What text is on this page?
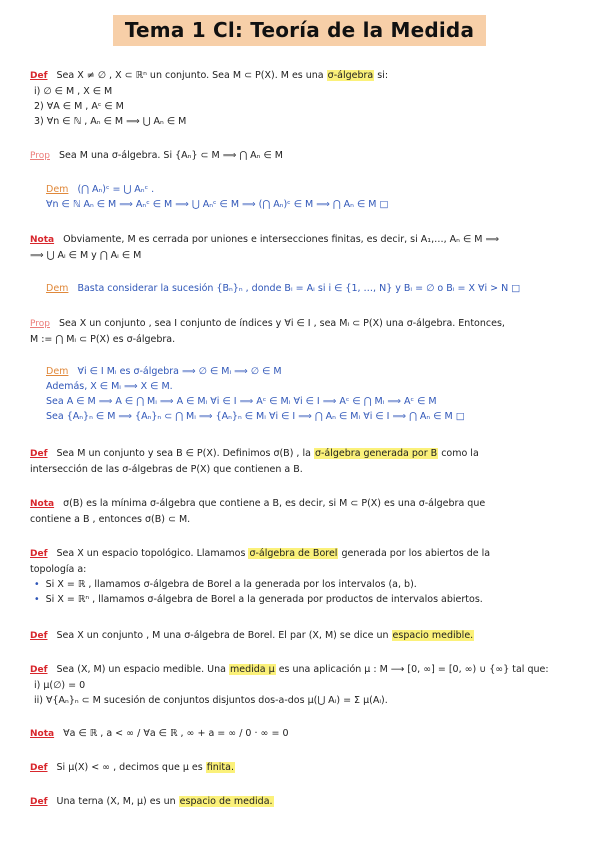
Tema 1 Cl: Teoría de la Medida
Def Sea X ≠ ∅ , X ⊂ ℝⁿ un conjunto. Sea M ⊂ P(X). M es una σ-álgebra si:
i) ∅ ∈ M , X ∈ M
2) ∀A ∈ M , Aᶜ ∈ M
3) ∀n ∈ ℕ , Aₙ ∈ M ⟹ ⋃ Aₙ ∈ M
Prop Sea M una σ-álgebra. Si {Aₙ} ⊂ M ⟹ ⋂ Aₙ ∈ M
Dem (⋂ Aₙ)ᶜ = ⋃ Aₙᶜ .
∀n ∈ ℕ Aₙ ∈ M ⟹ Aₙᶜ ∈ M ⟹ ⋃ Aₙᶜ ∈ M ⟹ (⋂ Aₙ)ᶜ ∈ M ⟹ ⋂ Aₙ ∈ M □
Nota Obviamente, M es cerrada por uniones e intersecciones finitas, es decir, si A₁,…, Aₙ ∈ M ⟹
⟹ ⋃ Aᵢ ∈ M y ⋂ Aᵢ ∈ M
Dem Basta considerar la sucesión {Bₙ}ₙ , donde Bᵢ = Aᵢ si i ∈ {1, …, N} y Bᵢ = ∅ o Bᵢ = X ∀i > N □
Prop Sea X un conjunto , sea I conjunto de índices y ∀i ∈ I , sea Mᵢ ⊂ P(X) una σ-álgebra. Entonces,
M := ⋂ Mᵢ ⊂ P(X) es σ-álgebra.
Dem ∀i ∈ I Mᵢ es σ-álgebra ⟹ ∅ ∈ Mᵢ ⟹ ∅ ∈ M
Además, X ∈ Mᵢ ⟹ X ∈ M.
Sea A ∈ M ⟹ A ∈ ⋂ Mᵢ ⟹ A ∈ Mᵢ ∀i ∈ I ⟹ Aᶜ ∈ Mᵢ ∀i ∈ I ⟹ Aᶜ ∈ ⋂ Mᵢ ⟹ Aᶜ ∈ M
Sea {Aₙ}ₙ ∈ M ⟹ {Aₙ}ₙ ⊂ ⋂ Mᵢ ⟹ {Aₙ}ₙ ∈ Mᵢ ∀i ∈ I ⟹ ⋂ Aₙ ∈ Mᵢ ∀i ∈ I ⟹ ⋂ Aₙ ∈ M □
Def Sea M un conjunto y sea B ∈ P(X). Definimos σ(B) , la σ-álgebra generada por B como la
intersección de las σ-álgebras de P(X) que contienen a B.
Nota σ(B) es la mínima σ-álgebra que contiene a B, es decir, si M ⊂ P(X) es una σ-álgebra que
contiene a B , entonces σ(B) ⊂ M.
Def Sea X un espacio topológico. Llamamos σ-álgebra de Borel generada por los abiertos de la
topología a:
• Si X = ℝ , llamamos σ-álgebra de Borel a la generada por los intervalos (a, b).
• Si X = ℝⁿ , llamamos σ-álgebra de Borel a la generada por productos de intervalos abiertos.
Def Sea X un conjunto , M una σ-álgebra de Borel. El par (X, M) se dice un espacio medible.
Def Sea (X, M) un espacio medible. Una medida μ es una aplicación μ : M ⟶ [0, ∞] = [0, ∞) ∪ {∞} tal que:
i) μ(∅) = 0
ii) ∀{Aₙ}ₙ ⊂ M sucesión de conjuntos disjuntos dos-a-dos μ(⋃ Aᵢ) = Σ μ(Aᵢ).
Nota ∀a ∈ ℝ , a < ∞ / ∀a ∈ ℝ , ∞ + a = ∞ / 0 · ∞ = 0
Def Si μ(X) < ∞ , decimos que μ es finita.
Def Una terna (X, M, μ) es un espacio de medida.
